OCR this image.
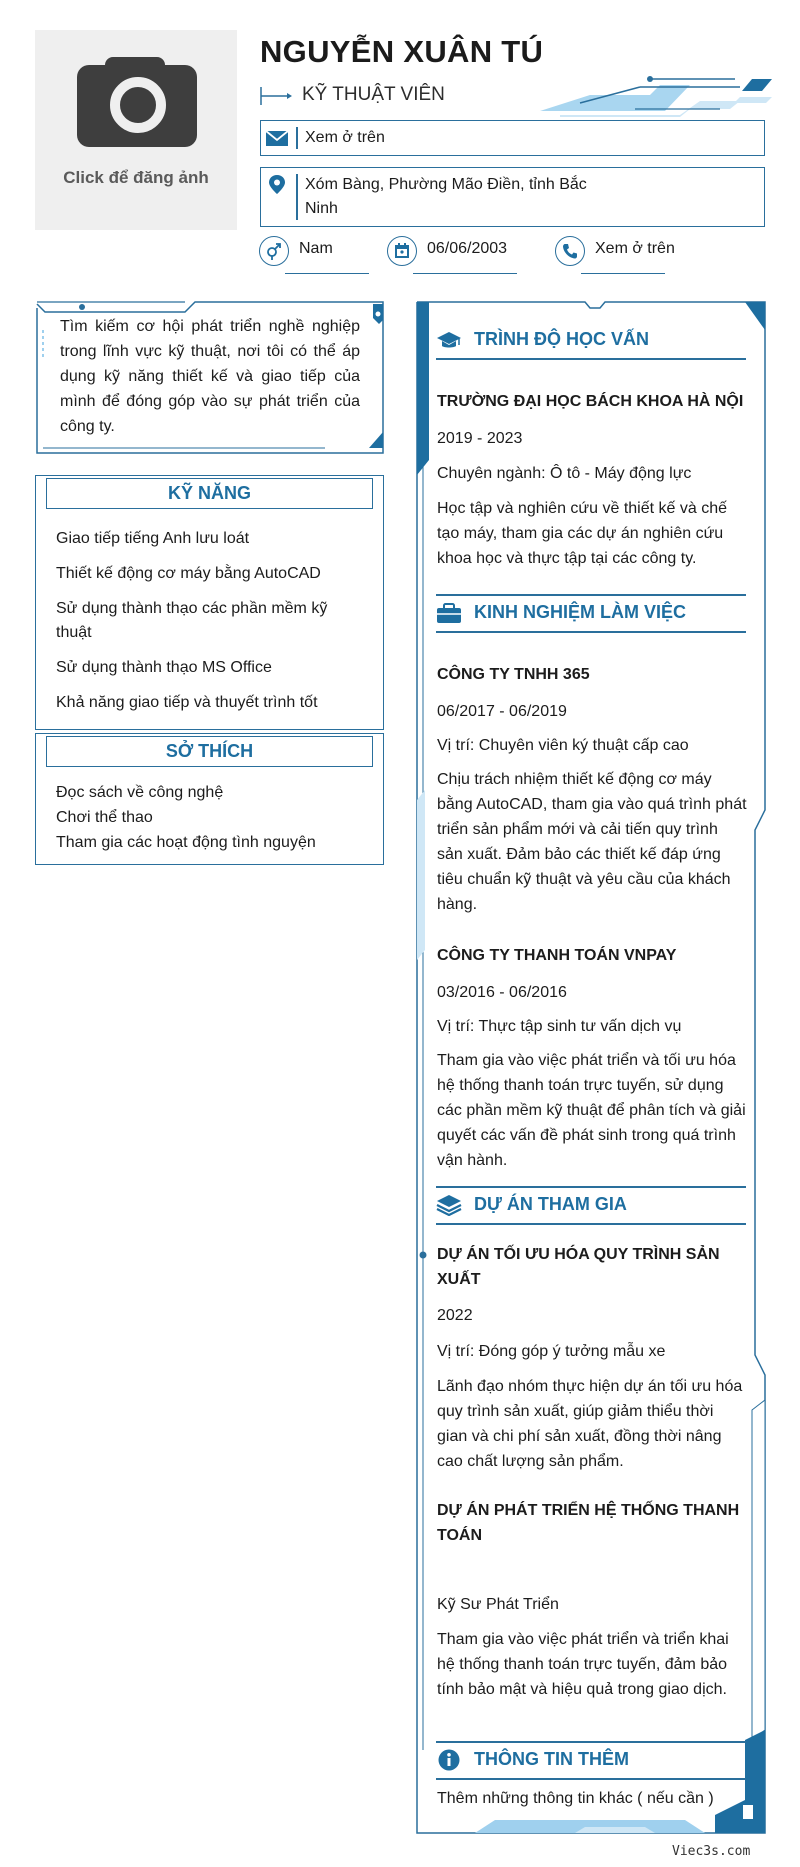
Click để đăng ảnh
NGUYỄN XUÂN TÚ
KỸ THUẬT VIÊN
Xem ở trên
Xóm Bàng, Phường Mão Điền, tỉnh Bắc
Ninh
Nam	06/06/2003	Xem ở trên
Tìm kiếm cơ hội phát triển nghề nghiệp trong lĩnh vực kỹ thuật, nơi tôi có thể áp dụng kỹ năng thiết kế và giao tiếp của mình để đóng góp vào sự phát triển của công ty.
KỸ NĂNG
Giao tiếp tiếng Anh lưu loát
Thiết kế động cơ máy bằng AutoCAD
Sử dụng thành thạo các phần mềm kỹ thuật
Sử dụng thành thạo MS Office
Khả năng giao tiếp và thuyết trình tốt
SỞ THÍCH
Đọc sách về công nghệ
Chơi thể thao
Tham gia các hoạt động tình nguyện
TRÌNH ĐỘ HỌC VẤN
TRƯỜNG ĐẠI HỌC BÁCH KHOA HÀ NỘI
2019 - 2023
Chuyên ngành: Ô tô - Máy động lực
Học tập và nghiên cứu về thiết kế và chế tạo máy, tham gia các dự án nghiên cứu khoa học và thực tập tại các công ty.
KINH NGHIỆM LÀM VIỆC
CÔNG TY TNHH 365
06/2017 - 06/2019
Vị trí: Chuyên viên ký thuật cấp cao
Chịu trách nhiệm thiết kế động cơ máy bằng AutoCAD, tham gia vào quá trình phát triển sản phẩm mới và cải tiến quy trình sản xuất. Đảm bảo các thiết kế đáp ứng tiêu chuẩn kỹ thuật và yêu cầu của khách hàng.
CÔNG TY THANH TOÁN VNPAY
03/2016 - 06/2016
Vị trí: Thực tập sinh tư vấn dịch vụ
Tham gia vào việc phát triển và tối ưu hóa hệ thống thanh toán trực tuyến, sử dụng các phần mềm kỹ thuật để phân tích và giải quyết các vấn đề phát sinh trong quá trình vận hành.
DỰ ÁN THAM GIA
DỰ ÁN TỐI ƯU HÓA QUY TRÌNH SẢN XUẤT
2022
Vị trí: Đóng góp ý tưởng mẫu xe
Lãnh đạo nhóm thực hiện dự án tối ưu hóa quy trình sản xuất, giúp giảm thiểu thời gian và chi phí sản xuất, đồng thời nâng cao chất lượng sản phẩm.
DỰ ÁN PHÁT TRIỂN HỆ THỐNG THANH TOÁN
Kỹ Sư Phát Triển
Tham gia vào việc phát triển và triển khai hệ thống thanh toán trực tuyến, đảm bảo tính bảo mật và hiệu quả trong giao dịch.
THÔNG TIN THÊM
Thêm những thông tin khác ( nếu cần )
Viec3s.com
